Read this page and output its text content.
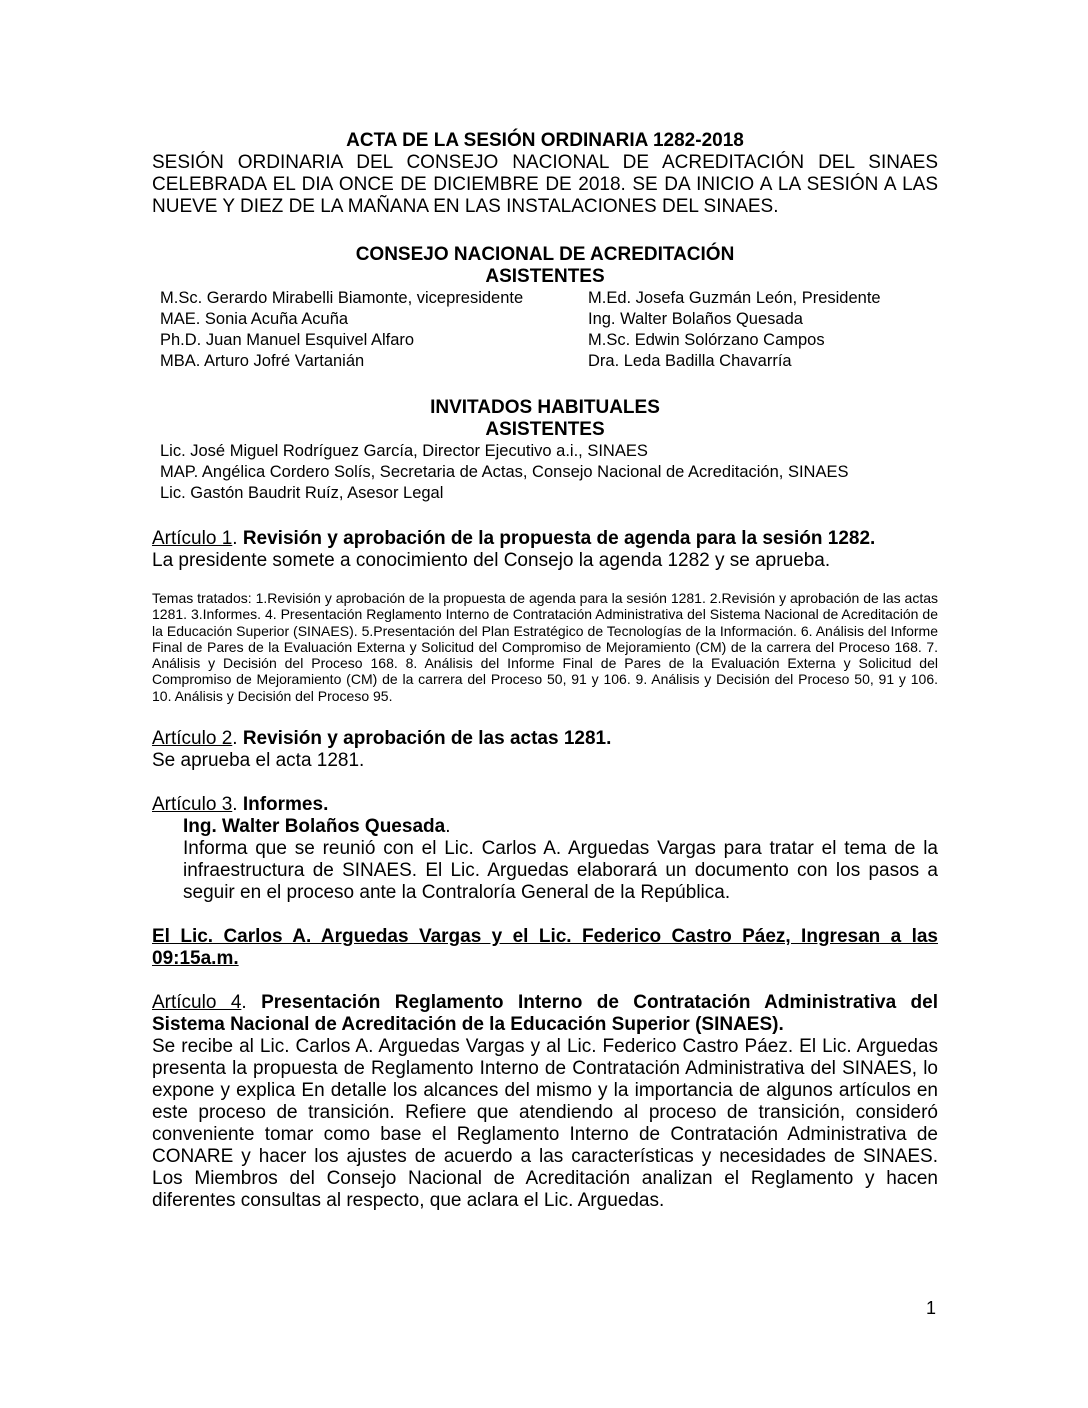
ACTA DE LA SESIÓN ORDINARIA 1282-2018

SESIÓN ORDINARIA DEL CONSEJO NACIONAL DE ACREDITACIÓN DEL SINAES CELEBRADA EL DIA ONCE DE DICIEMBRE DE 2018. SE DA INICIO A LA SESIÓN A LAS NUEVE Y DIEZ DE LA MAÑANA EN LAS INSTALACIONES DEL SINAES.

CONSEJO NACIONAL DE ACREDITACIÓN

ASISTENTES

M.Sc. Gerardo Mirabelli Biamonte, vicepresidente	M.Ed. Josefa Guzmán León, Presidente
MAE. Sonia Acuña Acuña	Ing. Walter Bolaños Quesada
Ph.D. Juan Manuel Esquivel Alfaro	M.Sc. Edwin Solórzano Campos
MBA. Arturo Jofré Vartanián	Dra. Leda Badilla Chavarría

INVITADOS HABITUALES

ASISTENTES

Lic. José Miguel Rodríguez García, Director Ejecutivo a.i., SINAES
MAP. Angélica Cordero Solís, Secretaria de Actas, Consejo Nacional de Acreditación, SINAES
Lic. Gastón Baudrit Ruíz, Asesor Legal

Artículo 1. Revisión y aprobación de la propuesta de agenda para la sesión 1282.

La presidente somete a conocimiento del Consejo la agenda 1282 y se aprueba.

Temas tratados: 1.Revisión y aprobación de la propuesta de agenda para la sesión 1281. 2.Revisión y aprobación de las actas 1281. 3.Informes. 4. Presentación Reglamento Interno de Contratación Administrativa del Sistema Nacional de Acreditación de la Educación Superior (SINAES). 5.Presentación del Plan Estratégico de Tecnologías de la Información. 6. Análisis del Informe Final de Pares de la Evaluación Externa y Solicitud del Compromiso de Mejoramiento (CM) de la carrera del Proceso 168. 7. Análisis y Decisión del Proceso 168. 8. Análisis del Informe Final de Pares de la Evaluación Externa y Solicitud del Compromiso de Mejoramiento (CM) de la carrera del Proceso 50, 91 y 106. 9. Análisis y Decisión del Proceso 50, 91 y 106. 10. Análisis y Decisión del Proceso 95.

Artículo 2. Revisión y aprobación de las actas 1281.

Se aprueba el acta 1281.

Artículo 3. Informes.

Ing. Walter Bolaños Quesada.

Informa que se reunió con el Lic. Carlos A. Arguedas Vargas para tratar el tema de la infraestructura de SINAES. El Lic. Arguedas elaborará un documento con los pasos a seguir en el proceso ante la Contraloría General de la República.

El Lic. Carlos A. Arguedas Vargas y el Lic. Federico Castro Páez, Ingresan a las 09:15a.m.

Artículo 4. Presentación Reglamento Interno de Contratación Administrativa del Sistema Nacional de Acreditación de la Educación Superior (SINAES).

Se recibe al Lic. Carlos A. Arguedas Vargas y al Lic. Federico Castro Páez. El Lic. Arguedas presenta la propuesta de Reglamento Interno de Contratación Administrativa del SINAES, lo expone y explica En detalle los alcances del mismo y la importancia de algunos artículos en este proceso de transición. Refiere que atendiendo al proceso de transición, consideró conveniente tomar como base el Reglamento Interno de Contratación Administrativa de CONARE y hacer los ajustes de acuerdo a las características y necesidades de SINAES. Los Miembros del Consejo Nacional de Acreditación analizan el Reglamento y hacen diferentes consultas al respecto, que aclara el Lic. Arguedas.

1
